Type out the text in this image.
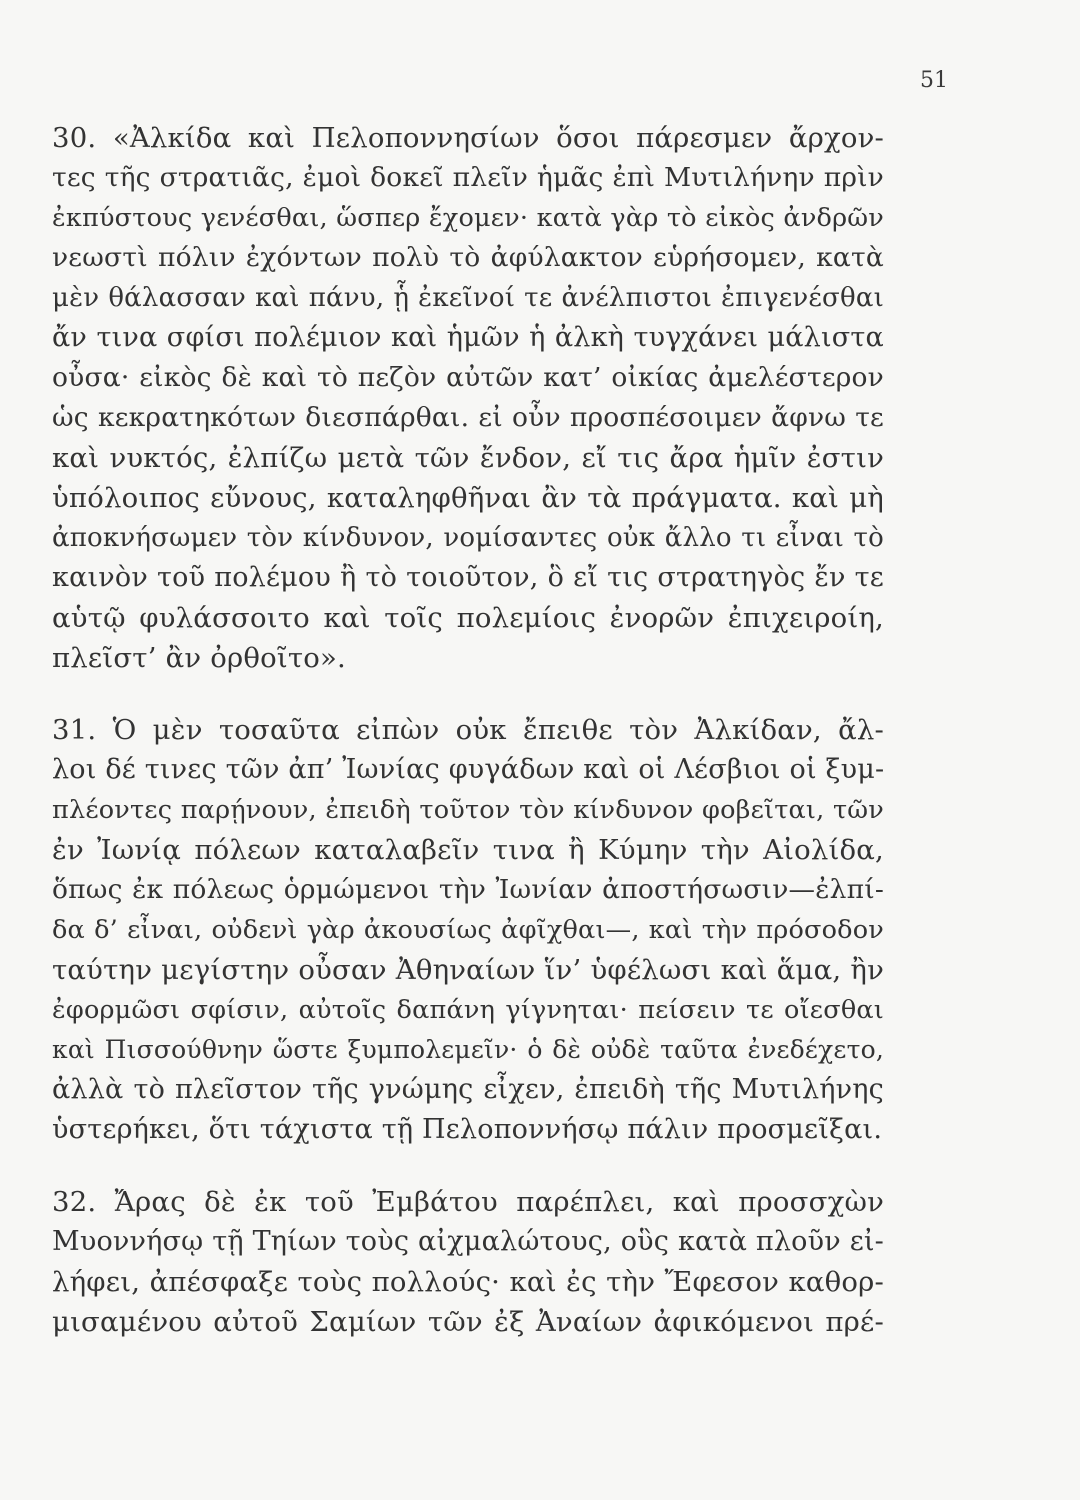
51
30. «Ἀλκίδα καὶ Πελοποννησίων ὅσοι πάρεσμεν ἄρχον-
τες τῆς στρατιᾶς, ἐμοὶ δοκεῖ πλεῖν ἡμᾶς ἐπὶ Μυτιλήνην πρὶν
ἐκπύστους γενέσθαι, ὥσπερ ἔχομεν· κατὰ γὰρ τὸ εἰκὸς ἀνδρῶν
νεωστὶ πόλιν ἐχόντων πολὺ τὸ ἀφύλακτον εὑρήσομεν, κατὰ
μὲν θάλασσαν καὶ πάνυ, ᾗ ἐκεῖνοί τε ἀνέλπιστοι ἐπιγενέσθαι
ἄν τινα σφίσι πολέμιον καὶ ἡμῶν ἡ ἀλκὴ τυγχάνει μάλιστα
οὖσα· εἰκὸς δὲ καὶ τὸ πεζὸν αὐτῶν κατ’ οἰκίας ἀμελέστερον
ὡς κεκρατηκότων διεσπάρθαι. εἰ οὖν προσπέσοιμεν ἄφνω τε
καὶ νυκτός, ἐλπίζω μετὰ τῶν ἔνδον, εἴ τις ἄρα ἡμῖν ἐστιν
ὑπόλοιπος εὔνους, καταληφθῆναι ἂν τὰ πράγματα. καὶ μὴ
ἀποκνήσωμεν τὸν κίνδυνον, νομίσαντες οὐκ ἄλλο τι εἶναι τὸ
καινὸν τοῦ πολέμου ἢ τὸ τοιοῦτον, ὃ εἴ τις στρατηγὸς ἔν τε
αὑτῷ φυλάσσοιτο καὶ τοῖς πολεμίοις ἐνορῶν ἐπιχειροίη,
πλεῖστ’ ἂν ὀρθοῖτο».
31. Ὁ μὲν τοσαῦτα εἰπὼν οὐκ ἔπειθε τὸν Ἀλκίδαν, ἄλ-
λοι δέ τινες τῶν ἀπ’ Ἰωνίας φυγάδων καὶ οἱ Λέσβιοι οἱ ξυμ-
πλέοντες παρῄνουν, ἐπειδὴ τοῦτον τὸν κίνδυνον φοβεῖται, τῶν
ἐν Ἰωνίᾳ πόλεων καταλαβεῖν τινα ἢ Κύμην τὴν Αἰολίδα,
ὅπως ἐκ πόλεως ὁρμώμενοι τὴν Ἰωνίαν ἀποστήσωσιν—ἐλπί-
δα δ’ εἶναι, οὐδενὶ γὰρ ἀκουσίως ἀφῖχθαι—, καὶ τὴν πρόσοδον
ταύτην μεγίστην οὖσαν Ἀθηναίων ἵν’ ὑφέλωσι καὶ ἅμα, ἢν
ἐφορμῶσι σφίσιν, αὐτοῖς δαπάνη γίγνηται· πείσειν τε οἴεσθαι
καὶ Πισσούθνην ὥστε ξυμπολεμεῖν· ὁ δὲ οὐδὲ ταῦτα ἐνεδέχετο,
ἀλλὰ τὸ πλεῖστον τῆς γνώμης εἶχεν, ἐπειδὴ τῆς Μυτιλήνης
ὑστερήκει, ὅτι τάχιστα τῇ Πελοποννήσῳ πάλιν προσμεῖξαι.
32. Ἄρας δὲ ἐκ τοῦ Ἐμβάτου παρέπλει, καὶ προσσχὼν
Μυοννήσῳ τῇ Τηίων τοὺς αἰχμαλώτους, οὓς κατὰ πλοῦν εἰ-
λήφει, ἀπέσφαξε τοὺς πολλούς· καὶ ἐς τὴν Ἔφεσον καθορ-
μισαμένου αὐτοῦ Σαμίων τῶν ἐξ Ἀναίων ἀφικόμενοι πρέ-
